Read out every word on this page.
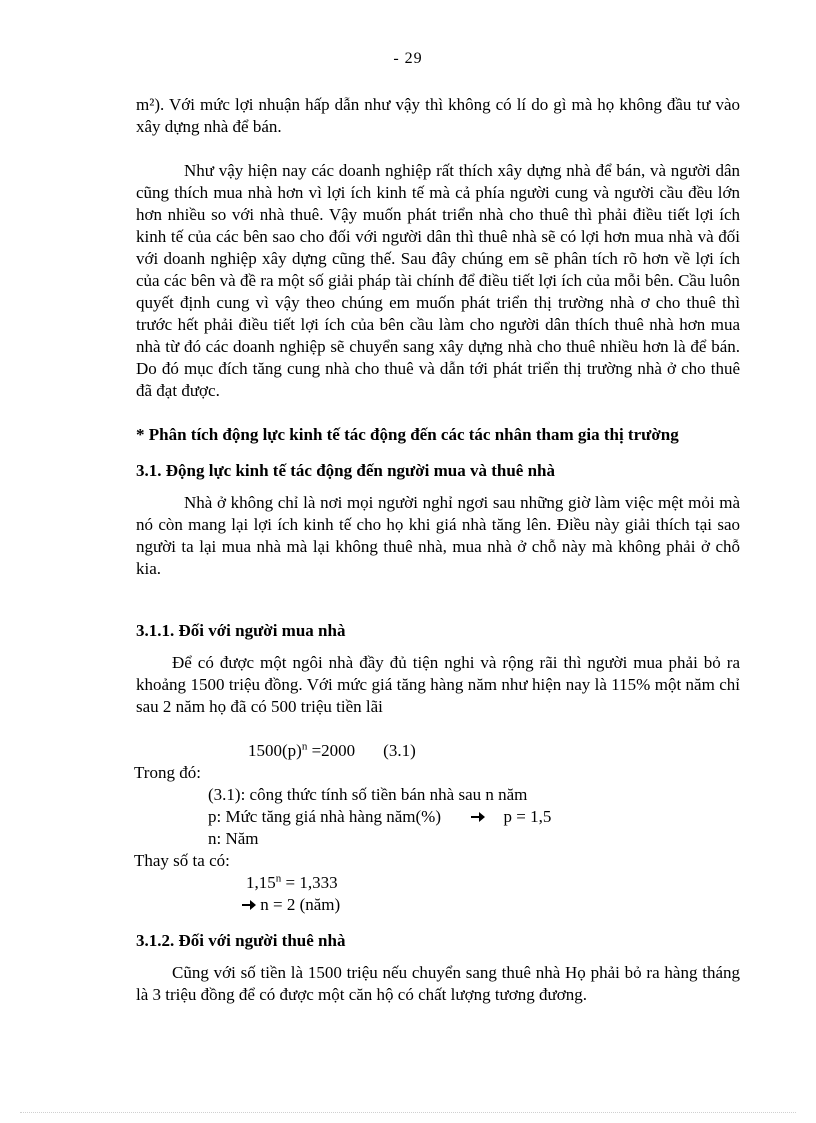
- 29

m²). Với mức lợi nhuận hấp dẫn như vậy thì không có lí do gì mà họ không đầu tư vào xây dựng nhà để bán.

Như vậy hiện nay các doanh nghiệp rất thích xây dựng nhà để bán, và người dân cũng thích mua nhà hơn vì lợi ích kinh tế mà cả phía người cung và người cầu đều lớn hơn nhiều so với nhà thuê. Vậy muốn phát triển nhà cho thuê thì phải điều tiết lợi ích kinh tế của các bên sao cho đối với người dân thì thuê nhà sẽ có lợi hơn mua nhà và đối với doanh nghiệp xây dựng cũng thế. Sau đây chúng em sẽ phân tích rõ hơn về lợi ích của các bên và đề ra một số giải pháp tài chính để điều tiết lợi ích của mỗi bên. Cầu luôn quyết định cung vì vậy theo chúng em muốn phát triển thị trường nhà ơ cho thuê thì trước hết phải điều tiết lợi ích của bên cầu làm cho người dân thích thuê nhà hơn mua nhà từ đó các doanh nghiệp sẽ chuyển sang xây dựng nhà cho thuê nhiều hơn là để bán. Do đó mục đích tăng cung nhà cho thuê và dẫn tới phát triển thị trường nhà ở cho thuê đã đạt được.

* Phân tích động lực kinh tế tác động đến các tác nhân tham gia thị trường
3.1. Động lực kinh tế tác động đến người mua và thuê nhà

Nhà ở không chỉ là nơi mọi người nghỉ ngơi sau những giờ làm việc mệt mỏi mà nó còn mang lại lợi ích kinh tế cho họ khi giá nhà tăng lên. Điều này giải thích tại sao người ta lại mua nhà mà lại không thuê nhà, mua nhà ở chỗ này mà không phải ở chỗ kia.

3.1.1. Đối với người mua nhà

Để có được một ngôi nhà đầy đủ tiện nghi và rộng rãi thì người mua phải bỏ ra khoảng 1500 triệu đồng. Với mức giá tăng hàng năm như hiện nay là 115% một năm chỉ sau 2 năm họ đã có 500 triệu tiền lãi

$1500(p)^n =2000$ (3.1)

Trong đó:

(3.1): công thức tính số tiền bán nhà sau n năm
p: Mức tăng giá nhà hàng năm(%)	p = 1,5
n: Năm

Thay số ta có:

$1,15^n = 1,333$
n = 2 (năm)
3.1.2. Đối với người thuê nhà

Cũng với số tiền là 1500 triệu nếu chuyển sang thuê nhà Họ phải bỏ ra hàng tháng là 3 triệu đồng để có được một căn hộ có chất lượng tương đương.
